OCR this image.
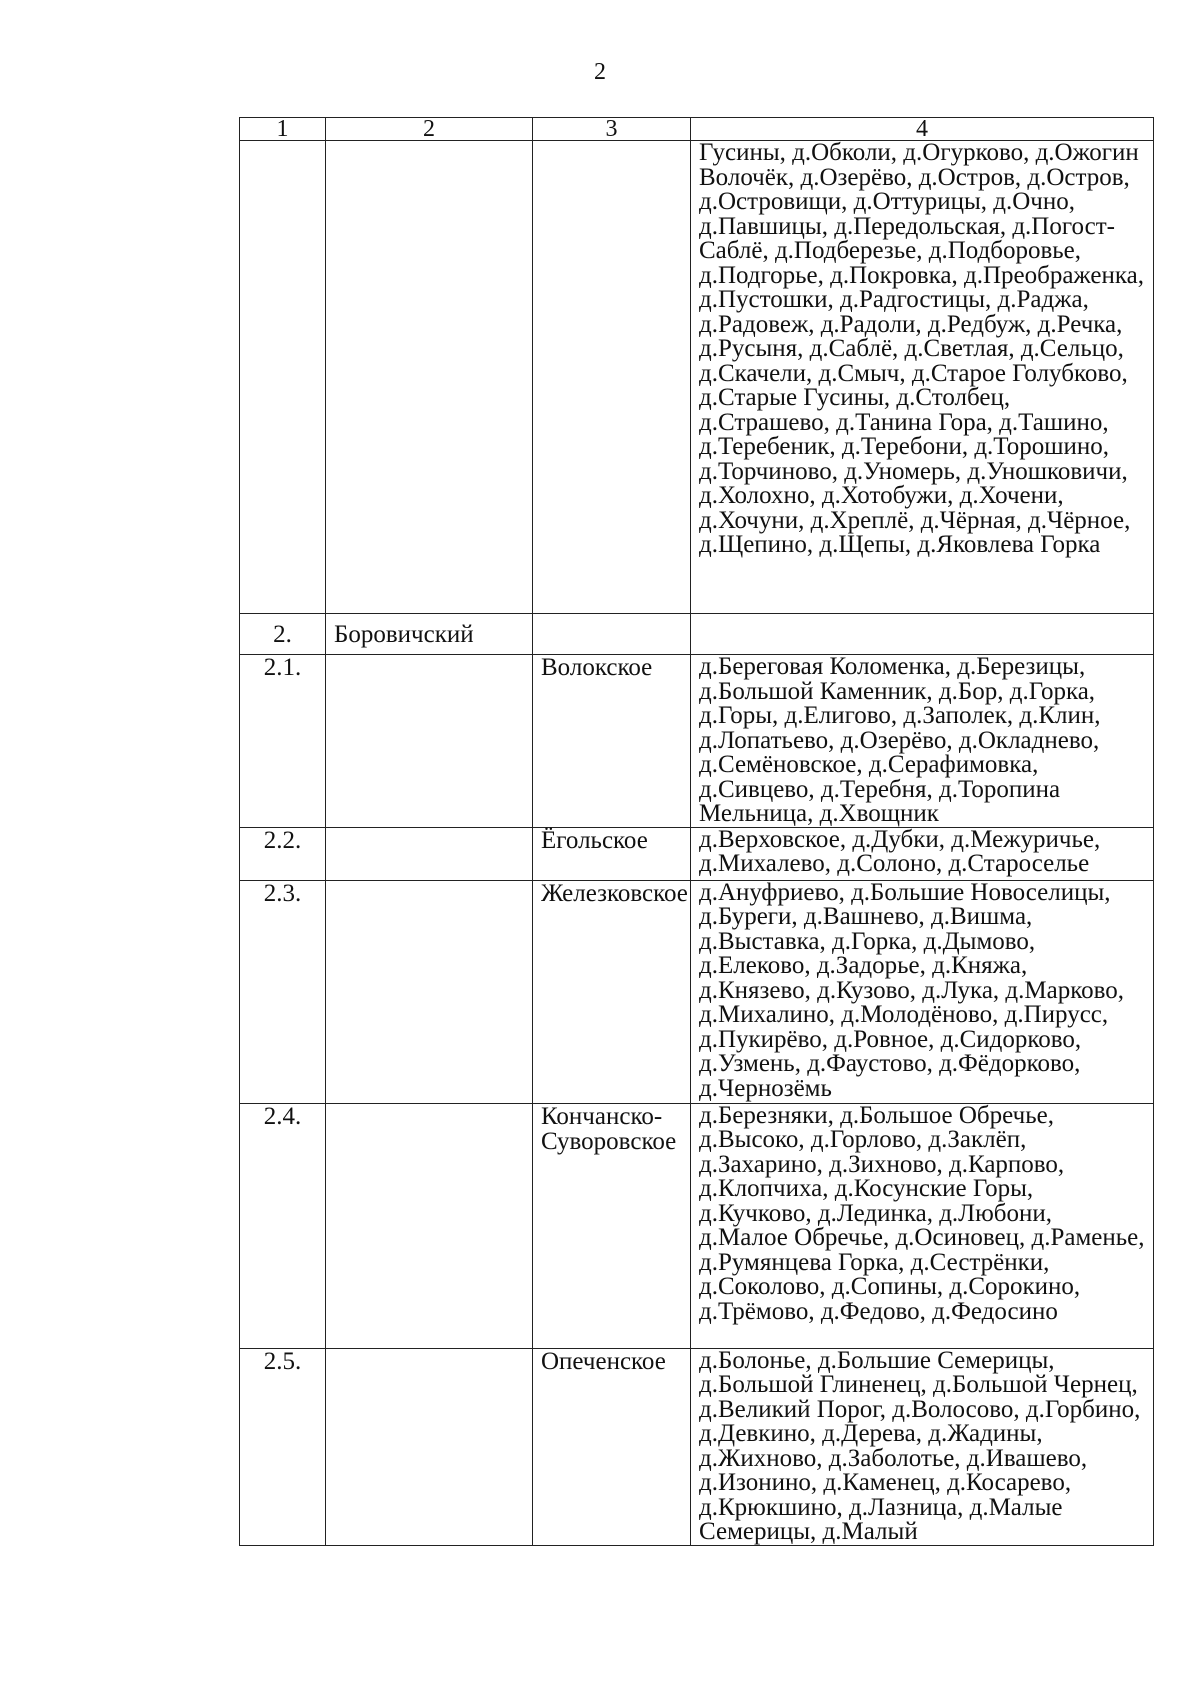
2
1	2	3	4
			Гусины, д.Обколи, д.Огурково, д.Ожогин Волочёк, д.Озерёво, д.Остров, д.Остров, д.Островищи, д.Оттурицы, д.Очно, д.Павшицы, д.Передольская, д.Погост-Саблё, д.Подберезье, д.Подборовье, д.Подгорье, д.Покровка, д.Преображенка, д.Пустошки, д.Радгостицы, д.Раджа, д.Радовеж, д.Радоли, д.Редбуж, д.Речка, д.Русыня, д.Саблё, д.Светлая, д.Сельцо, д.Скачели, д.Смыч, д.Старое Голубково, д.Старые Гусины, д.Столбец, д.Страшево, д.Танина Гора, д.Ташино, д.Теребеник, д.Теребони, д.Торошино, д.Торчиново, д.Уномерь, д.Уношковичи, д.Холохно, д.Хотобужи, д.Хочени, д.Хочуни, д.Хреплё, д.Чёрная, д.Чёрное, д.Щепино, д.Щепы, д.Яковлева Горка
2.	Боровичский		
2.1.		Волокское	д.Береговая Коломенка, д.Березицы, д.Большой Каменник, д.Бор, д.Горка, д.Горы, д.Елигово, д.Заполек, д.Клин, д.Лопатьево, д.Озерёво, д.Окладнево, д.Семёновское, д.Серафимовка, д.Сивцево, д.Теребня, д.Торопина Мельница, д.Хвощник
2.2.		Ёгольское	д.Верховское, д.Дубки, д.Межуричье, д.Михалево, д.Солоно, д.Староселье
2.3.		Железковское	д.Ануфриево, д.Большие Новоселицы, д.Буреги, д.Вашнево, д.Вишма, д.Выставка, д.Горка, д.Дымово, д.Елеково, д.Задорье, д.Княжа, д.Князево, д.Кузово, д.Лука, д.Марково, д.Михалино, д.Молодёново, д.Пирусс, д.Пукирёво, д.Ровное, д.Сидорково, д.Узмень, д.Фаустово, д.Фёдорково, д.Чернозёмь
2.4.		Кончанско-Суворовское	д.Березняки, д.Большое Обречье, д.Высоко, д.Горлово, д.Заклёп, д.Захарино, д.Зихново, д.Карпово, д.Клопчиха, д.Косунские Горы, д.Кучково, д.Лединка, д.Любони, д.Малое Обречье, д.Осиновец, д.Раменье, д.Румянцева Горка, д.Сестрёнки, д.Соколово, д.Сопины, д.Сорокино, д.Трёмово, д.Федово, д.Федосино
2.5.		Опеченское	д.Болонье, д.Большие Семерицы, д.Большой Глиненец, д.Большой Чернец, д.Великий Порог, д.Волосово, д.Горбино, д.Девкино, д.Дерева, д.Жадины, д.Жихново, д.Заболотье, д.Ивашево, д.Изонино, д.Каменец, д.Косарево, д.Крюкшино, д.Лазница, д.Малые Семерицы, д.Малый
